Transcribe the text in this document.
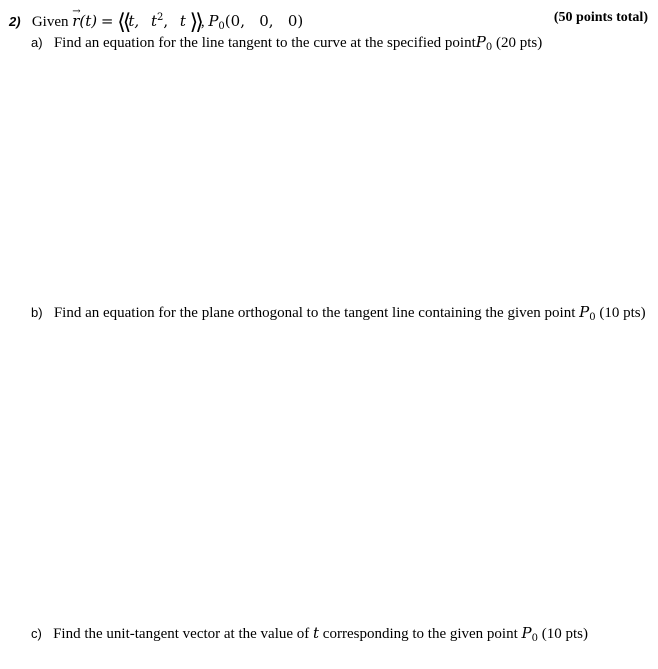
2) Given → r(t) = ⟨⟨t, $t^2$, t ⟩⟩, $P_0(0$,   0,   0)	(50 points total)
a) Find an equation for the line tangent to the curve at the specified pointP$_0$ (20 pts)
b) Find an equation for the plane orthogonal to the tangent line containing the given point $P_0$ (10 pts)
c) Find the unit-tangent vector at the value of t corresponding to the given point $P_0$ (10 pts)
